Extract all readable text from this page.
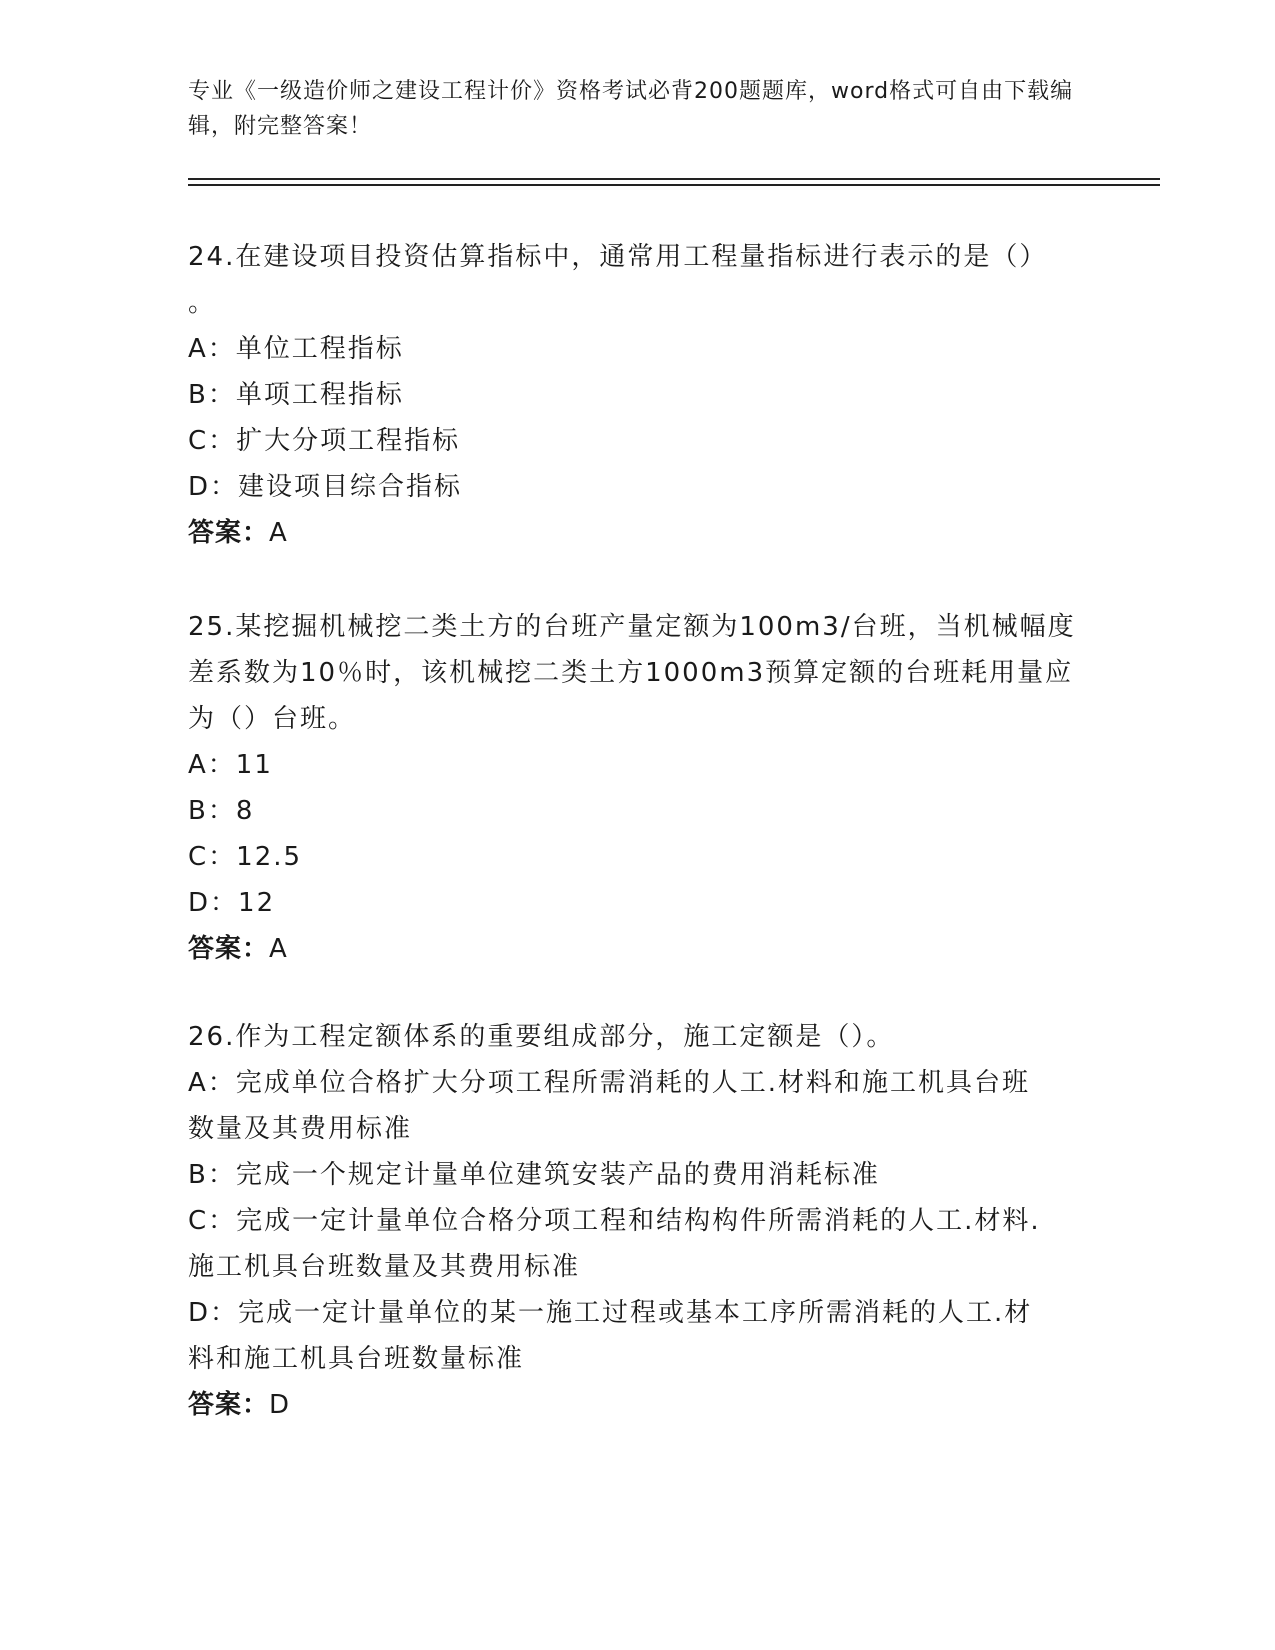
专业《一级造价师之建设工程计价》资格考试必背200题题库，word格式可自由下载编辑，附完整答案！
24.在建设项目投资估算指标中，通常用工程量指标进行表示的是（）
。
A：单位工程指标
B：单项工程指标
C：扩大分项工程指标
D：建设项目综合指标
答案：A
25.某挖掘机械挖二类土方的台班产量定额为100m3/台班，当机械幅度
差系数为10％时，该机械挖二类土方1000m3预算定额的台班耗用量应
为（）台班。
A：11
B：8
C：12.5
D：12
答案：A
26.作为工程定额体系的重要组成部分，施工定额是（）。
A：完成单位合格扩大分项工程所需消耗的人工.材料和施工机具台班
数量及其费用标准
B：完成一个规定计量单位建筑安装产品的费用消耗标准
C：完成一定计量单位合格分项工程和结构构件所需消耗的人工.材料.
施工机具台班数量及其费用标准
D：完成一定计量单位的某一施工过程或基本工序所需消耗的人工.材
料和施工机具台班数量标准
答案：D
